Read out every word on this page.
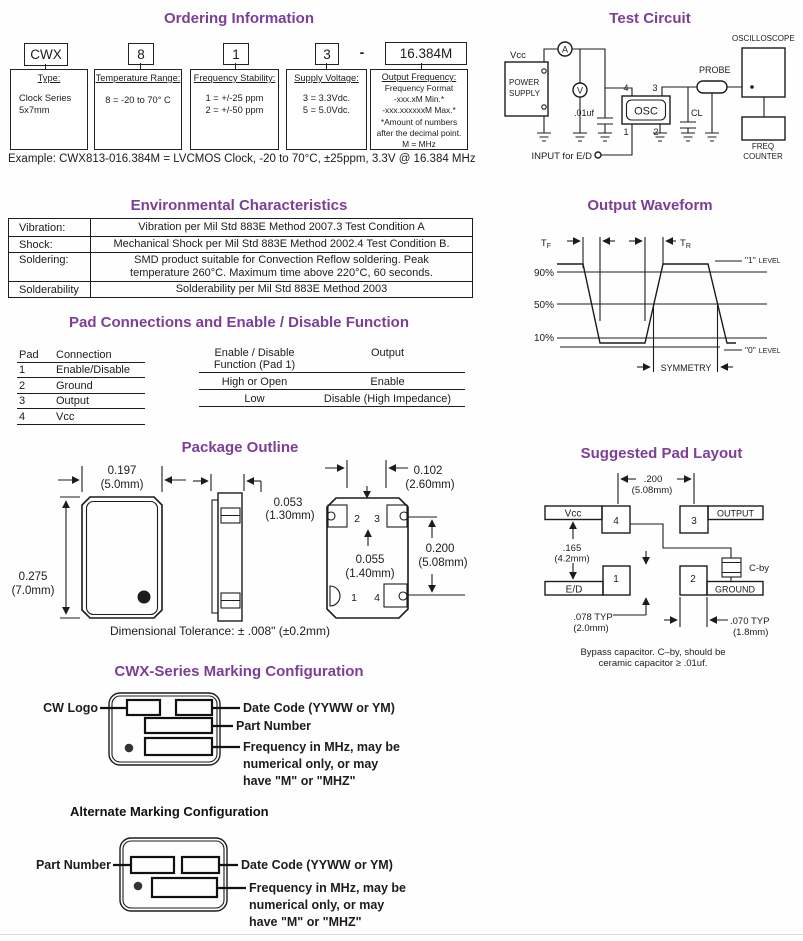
Ordering Information
CWX	8	1	3	-	16.384M
Type:
Clock Series
5x7mm
Temperature Range:
8 = -20 to 70° C
Frequency Stability:
1 = +/-25 ppm
2 = +/-50 ppm
Supply Voltage:
3 = 3.3Vdc.
5 = 5.0Vdc.
Output Frequency:
Frequency Format
-xxx.xM Min.*
-xxx.xxxxxxM Max.*
*Amount of numbers
after the decimal point.
M = MHz
Example: CWX813-016.384M = LVCMOS Clock, -20 to 70°C, ±25ppm, 3.3V @ 16.384 MHz
Test Circuit
Vcc
POWER
SUPPLY
A
V
.01uf	OSC
4	3
1	2
CL
PROBE
OSCILLOSCOPE
FREQ
COUNTER
INPUT for E/D
Environmental Characteristics
Vibration:	Vibration per Mil Std 883E Method 2007.3 Test Condition A
Shock:	Mechanical Shock per Mil Std 883E Method 2002.4 Test Condition B.
Soldering:	SMD product suitable for Convection Reflow soldering. Peak temperature 260°C. Maximum time above 220°C, 60 seconds.
Solderability	Solderability per Mil Std 883E Method 2003
Output Waveform
$T_F$	$T_R$
90%
50%
10%
"1" LEVEL
"0" LEVEL
SYMMETRY
Pad Connections and Enable / Disable Function
Pad	Connection
1	Enable/Disable
2	Ground
3	Output
4	Vcc
Enable / Disable
Function (Pad 1)
Output
High or Open	Enable
Low	Disable (High Impedance)
Package Outline
0.197
(5.0mm)
0.275
(7.0mm)
0.053
(1.30mm)	2 3
1 4
0.102
(2.60mm)
0.055
(1.40mm)
0.200
(5.08mm)
Dimensional Tolerance: ± .008" (±0.2mm)
Suggested Pad Layout
.200
(5.08mm)
Vcc
4	3
OUTPUT
.165
(4.2mm)
1
E/D
2
GROUND
C-by
.078 TYP
(2.0mm)
.070 TYP
(1.8mm)
Bypass capacitor. C–by, should be
ceramic capacitor ≥ .01uf.
CWX-Series Marking Configuration
CW Logo	Date Code (YYWW or YM)
Part Number
Frequency in MHz, may be
numerical only, or may
have "M" or "MHZ"
Alternate Marking Configuration
Part Number	Date Code (YYWW or YM)
Frequency in MHz, may be
numerical only, or may
have "M" or "MHZ"
